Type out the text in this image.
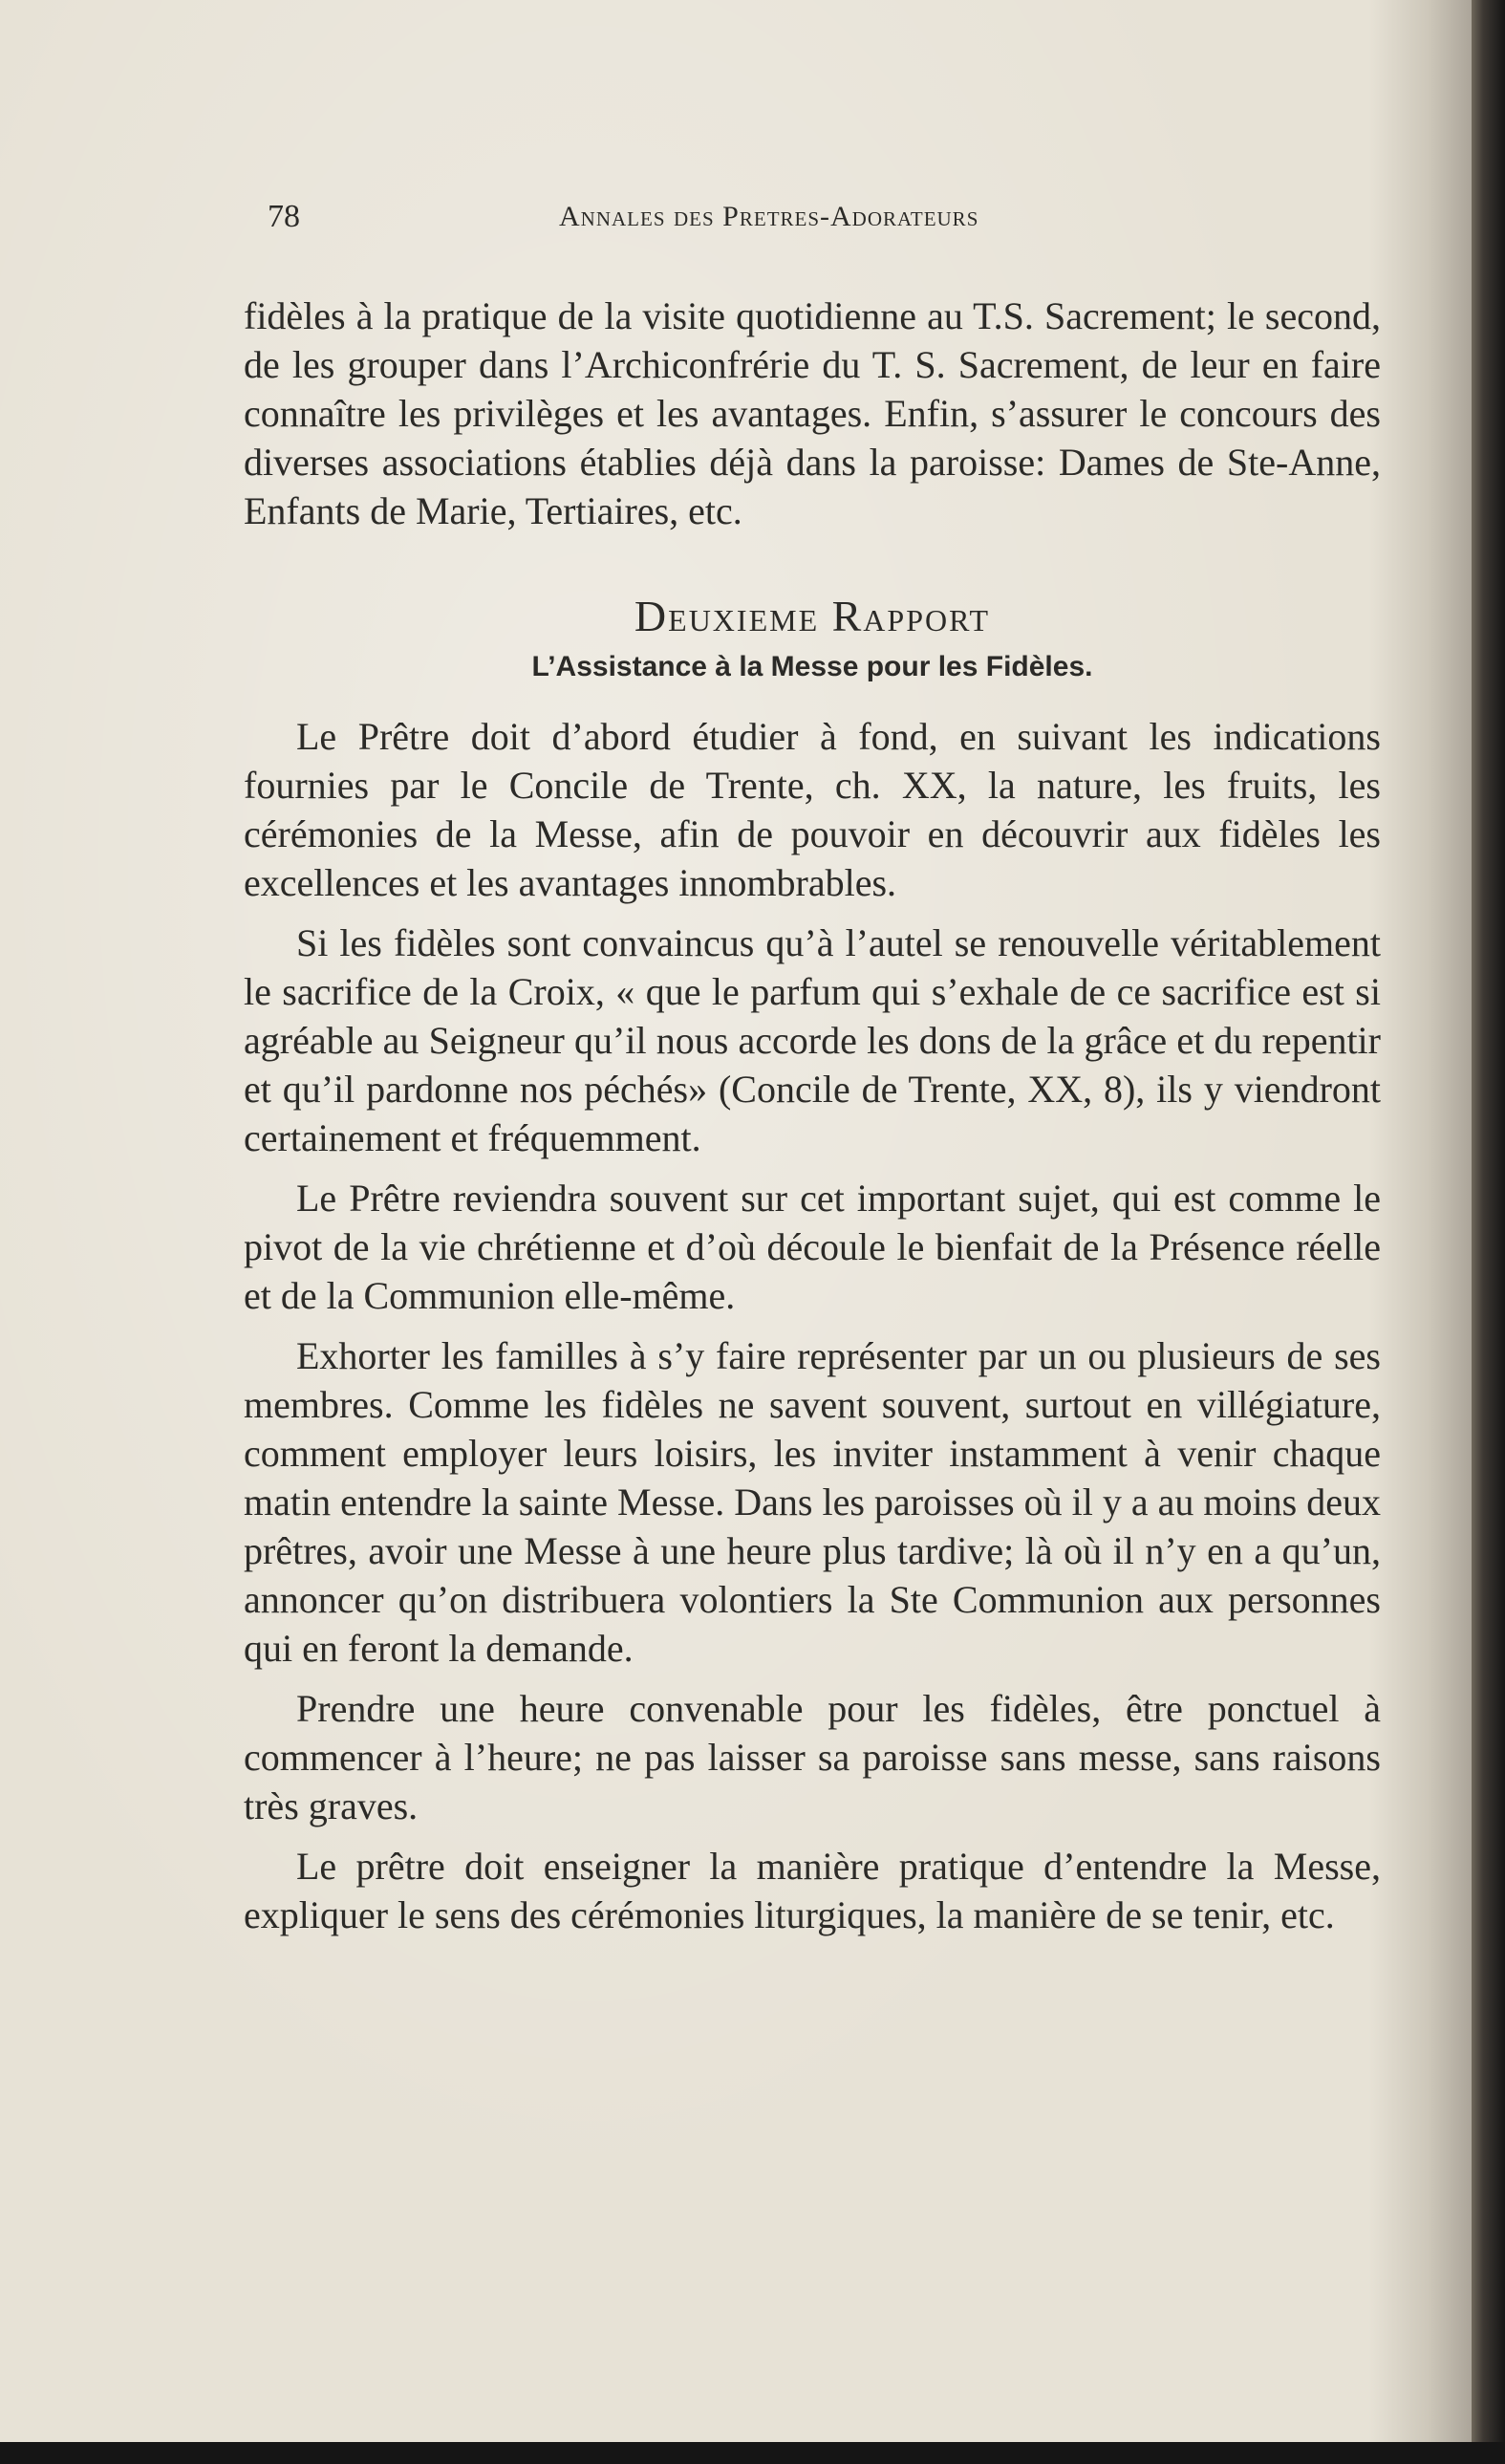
78	Annales des Pretres-Adorateurs

fidèles à la pratique de la visite quotidienne au T.S. Sacrement; le second, de les grouper dans l’Archiconfrérie du T. S. Sacrement, de leur en faire connaître les privilèges et les avantages. Enfin, s’assurer le concours des diverses associations établies déjà dans la paroisse: Dames de Ste-Anne, Enfants de Marie, Tertiaires, etc.

Deuxieme Rapport
L’Assistance à la Messe pour les Fidèles.

Le Prêtre doit d’abord étudier à fond, en suivant les indications fournies par le Concile de Trente, ch. XX, la nature, les fruits, les cérémonies de la Messe, afin de pouvoir en découvrir aux fidèles les excellences et les avantages innombrables.

Si les fidèles sont convaincus qu’à l’autel se renouvelle véritablement le sacrifice de la Croix, « que le parfum qui s’exhale de ce sacrifice est si agréable au Seigneur qu’il nous accorde les dons de la grâce et du repentir et qu’il pardonne nos péchés» (Concile de Trente, XX, 8), ils y viendront certainement et fréquemment.

Le Prêtre reviendra souvent sur cet important sujet, qui est comme le pivot de la vie chrétienne et d’où découle le bienfait de la Présence réelle et de la Communion elle-même.

Exhorter les familles à s’y faire représenter par un ou plusieurs de ses membres. Comme les fidèles ne savent souvent, surtout en villégiature, comment employer leurs loisirs, les inviter instamment à venir chaque matin entendre la sainte Messe. Dans les paroisses où il y a au moins deux prêtres, avoir une Messe à une heure plus tardive; là où il n’y en a qu’un, annoncer qu’on distribuera volontiers la Ste Communion aux personnes qui en feront la demande.

Prendre une heure convenable pour les fidèles, être ponctuel à commencer à l’heure; ne pas laisser sa paroisse sans messe, sans raisons très graves.

Le prêtre doit enseigner la manière pratique d’entendre la Messe, expliquer le sens des cérémonies liturgiques, la manière de se tenir, etc.
